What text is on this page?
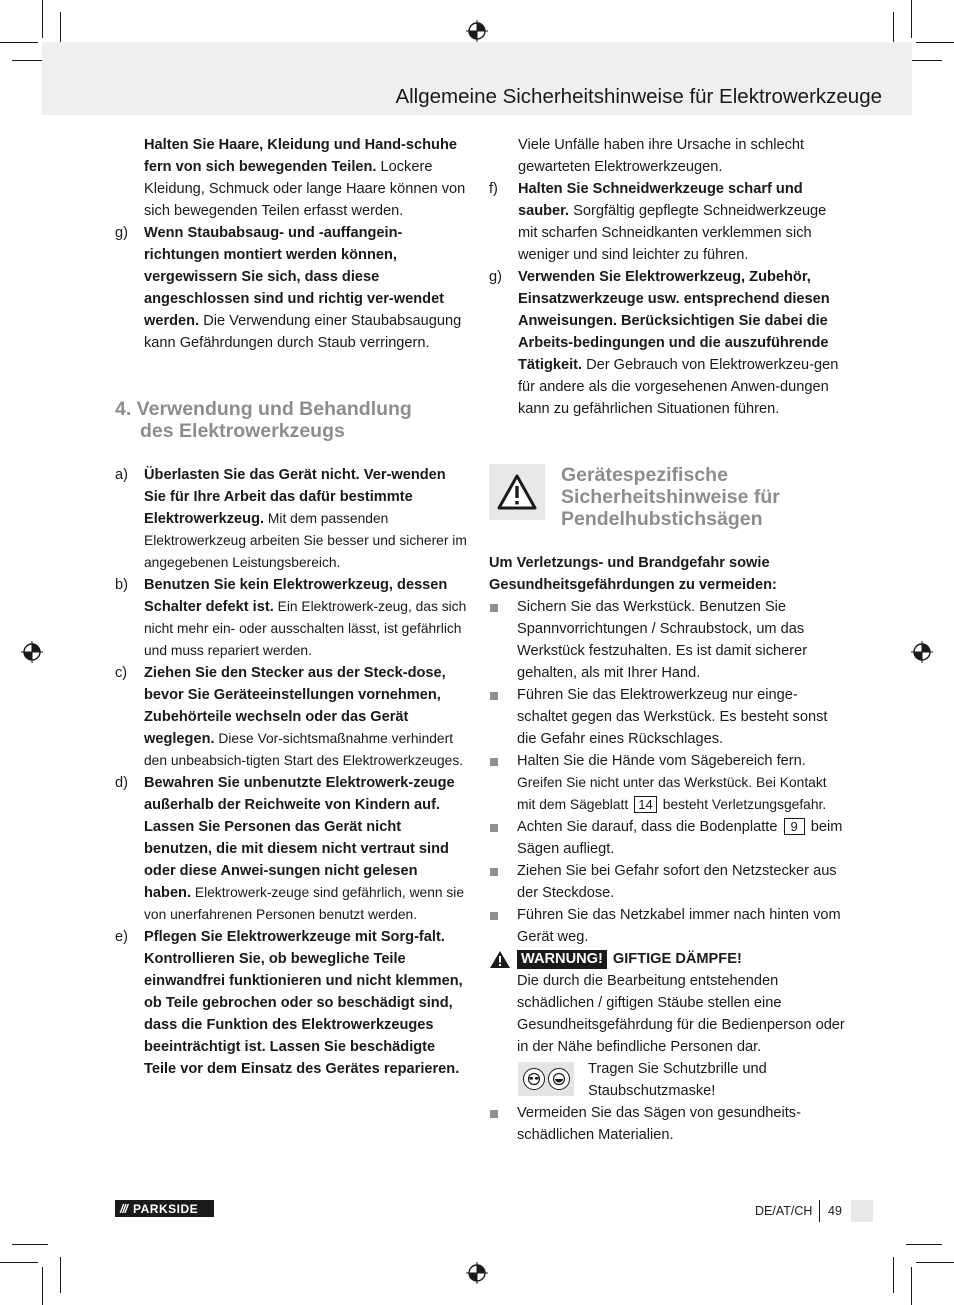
Allgemeine Sicherheitshinweise für Elektrowerkzeuge
Halten Sie Haare, Kleidung und Hand-schuhe fern von sich bewegenden Teilen. Lockere Kleidung, Schmuck oder lange Haare können von sich bewegenden Teilen erfasst werden.
g) Wenn Staubabsaug- und -auffangein-richtungen montiert werden können, vergewissern Sie sich, dass diese angeschlossen sind und richtig ver-wendet werden. Die Verwendung einer Staubabsaugung kann Gefährdungen durch Staub verringern.
4. Verwendung und Behandlung
des Elektrowerkzeugs
a) Überlasten Sie das Gerät nicht. Ver-wenden Sie für Ihre Arbeit das dafür bestimmte Elektrowerkzeug. Mit dem passenden Elektrowerkzeug arbeiten Sie besser und sicherer im angegebenen Leistungsbereich.
b) Benutzen Sie kein Elektrowerkzeug, dessen Schalter defekt ist. Ein Elektrowerk-zeug, das sich nicht mehr ein- oder ausschalten lässt, ist gefährlich und muss repariert werden.
c) Ziehen Sie den Stecker aus der Steck-dose, bevor Sie Geräteeinstellungen vornehmen, Zubehörteile wechseln oder das Gerät weglegen. Diese Vor-sichtsmaßnahme verhindert den unbeabsich-tigten Start des Elektrowerkzeuges.
d) Bewahren Sie unbenutzte Elektrowerk-zeuge außerhalb der Reichweite von Kindern auf. Lassen Sie Personen das Gerät nicht benutzen, die mit diesem nicht vertraut sind oder diese Anwei-sungen nicht gelesen haben. Elektrowerk-zeuge sind gefährlich, wenn sie von unerfahrenen Personen benutzt werden.
e) Pflegen Sie Elektrowerkzeuge mit Sorg-falt. Kontrollieren Sie, ob bewegliche Teile einwandfrei funktionieren und nicht klemmen, ob Teile gebrochen oder so beschädigt sind, dass die Funktion des Elektrowerkzeuges beeinträchtigt ist. Lassen Sie beschädigte Teile vor dem Einsatz des Gerätes reparieren.
Viele Unfälle haben ihre Ursache in schlecht gewarteten Elektrowerkzeugen.
f) Halten Sie Schneidwerkzeuge scharf und sauber. Sorgfältig gepflegte Schneidwerkzeuge mit scharfen Schneidkanten verklemmen sich weniger und sind leichter zu führen.
g) Verwenden Sie Elektrowerkzeug, Zubehör, Einsatzwerkzeuge usw. entsprechend diesen Anweisungen. Berücksichtigen Sie dabei die Arbeits-bedingungen und die auszuführende Tätigkeit. Der Gebrauch von Elektrowerkzeu-gen für andere als die vorgesehenen Anwen-dungen kann zu gefährlichen Situationen führen.
Gerätespezifische
Sicherheitshinweise für
Pendelhubstichsägen
Um Verletzungs- und Brandgefahr sowie Gesundheitsgefährdungen zu vermeiden:
Sichern Sie das Werkstück. Benutzen Sie Spannvorrichtungen / Schraubstock, um das Werkstück festzuhalten. Es ist damit sicherer gehalten, als mit Ihrer Hand.
Führen Sie das Elektrowerkzeug nur einge-schaltet gegen das Werkstück. Es besteht sonst die Gefahr eines Rückschlages.
Halten Sie die Hände vom Sägebereich fern.
Greifen Sie nicht unter das Werkstück. Bei Kontakt mit dem Sägeblatt 14 besteht Verletzungsgefahr.
Achten Sie darauf, dass die Bodenplatte 9 beim Sägen aufliegt.
Ziehen Sie bei Gefahr sofort den Netzstecker aus der Steckdose.
Führen Sie das Netzkabel immer nach hinten vom Gerät weg.
WARNUNG! GIFTIGE DÄMPFE!
Die durch die Bearbeitung entstehenden schädlichen / giftigen Stäube stellen eine Gesundheitsgefährdung für die Bedienperson oder in der Nähe befindliche Personen dar.
Tragen Sie Schutzbrille und Staubschutzmaske!
Vermeiden Sie das Sägen von gesundheits-schädlichen Materialien.
/// PARKSIDE	DE/AT/CH 49
